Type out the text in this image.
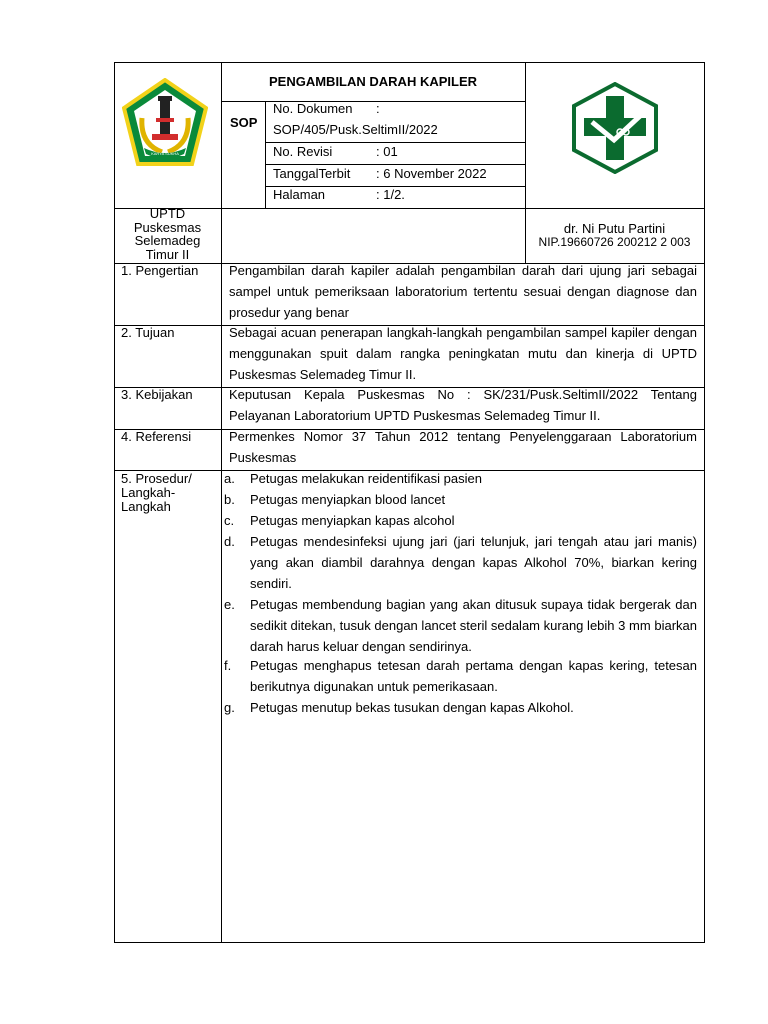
KARYA SUKHA
PENGAMBILAN DARAH KAPILER
SOP
No. Dokumen :
SOP/405/Pusk.SeltimII/2022
No. Revisi	: 01
TanggalTerbit : 6 November 2022
Halaman	: 1/2.
UPTD
Puskesmas
Selemadeg
Timur II
dr. Ni Putu Partini
NIP.19660726 200212 2 003
1. Pengertian
2. Tujuan
3. Kebijakan
4. Referensi
5. Prosedur/ Langkah- Langkah
Pengambilan darah kapiler adalah pengambilan darah dari ujung jari sebagai sampel untuk pemeriksaan laboratorium tertentu sesuai dengan diagnose dan prosedur yang benar
Sebagai acuan penerapan langkah-langkah pengambilan sampel kapiler dengan menggunakan spuit dalam rangka peningkatan mutu dan kinerja di UPTD Puskesmas Selemadeg Timur II.
Keputusan Kepala Puskesmas No : SK/231/Pusk.SeltimII/2022 Tentang Pelayanan Laboratorium UPTD Puskesmas Selemadeg Timur II.
Permenkes Nomor 37 Tahun 2012 tentang Penyelenggaraan Laboratorium Puskesmas
a. Petugas melakukan reidentifikasi pasien
b. Petugas menyiapkan blood lancet
c. Petugas menyiapkan kapas alcohol
d. Petugas mendesinfeksi ujung jari (jari telunjuk, jari tengah atau jari manis) yang akan diambil darahnya dengan kapas Alkohol 70%, biarkan kering sendiri.
e. Petugas membendung bagian yang akan ditusuk supaya tidak bergerak dan sedikit ditekan, tusuk dengan lancet steril sedalam kurang lebih 3 mm biarkan darah harus keluar dengan sendirinya.
f. Petugas menghapus tetesan darah pertama dengan kapas kering, tetesan berikutnya digunakan untuk pemerikasaan.
g. Petugas menutup bekas tusukan dengan kapas Alkohol.
